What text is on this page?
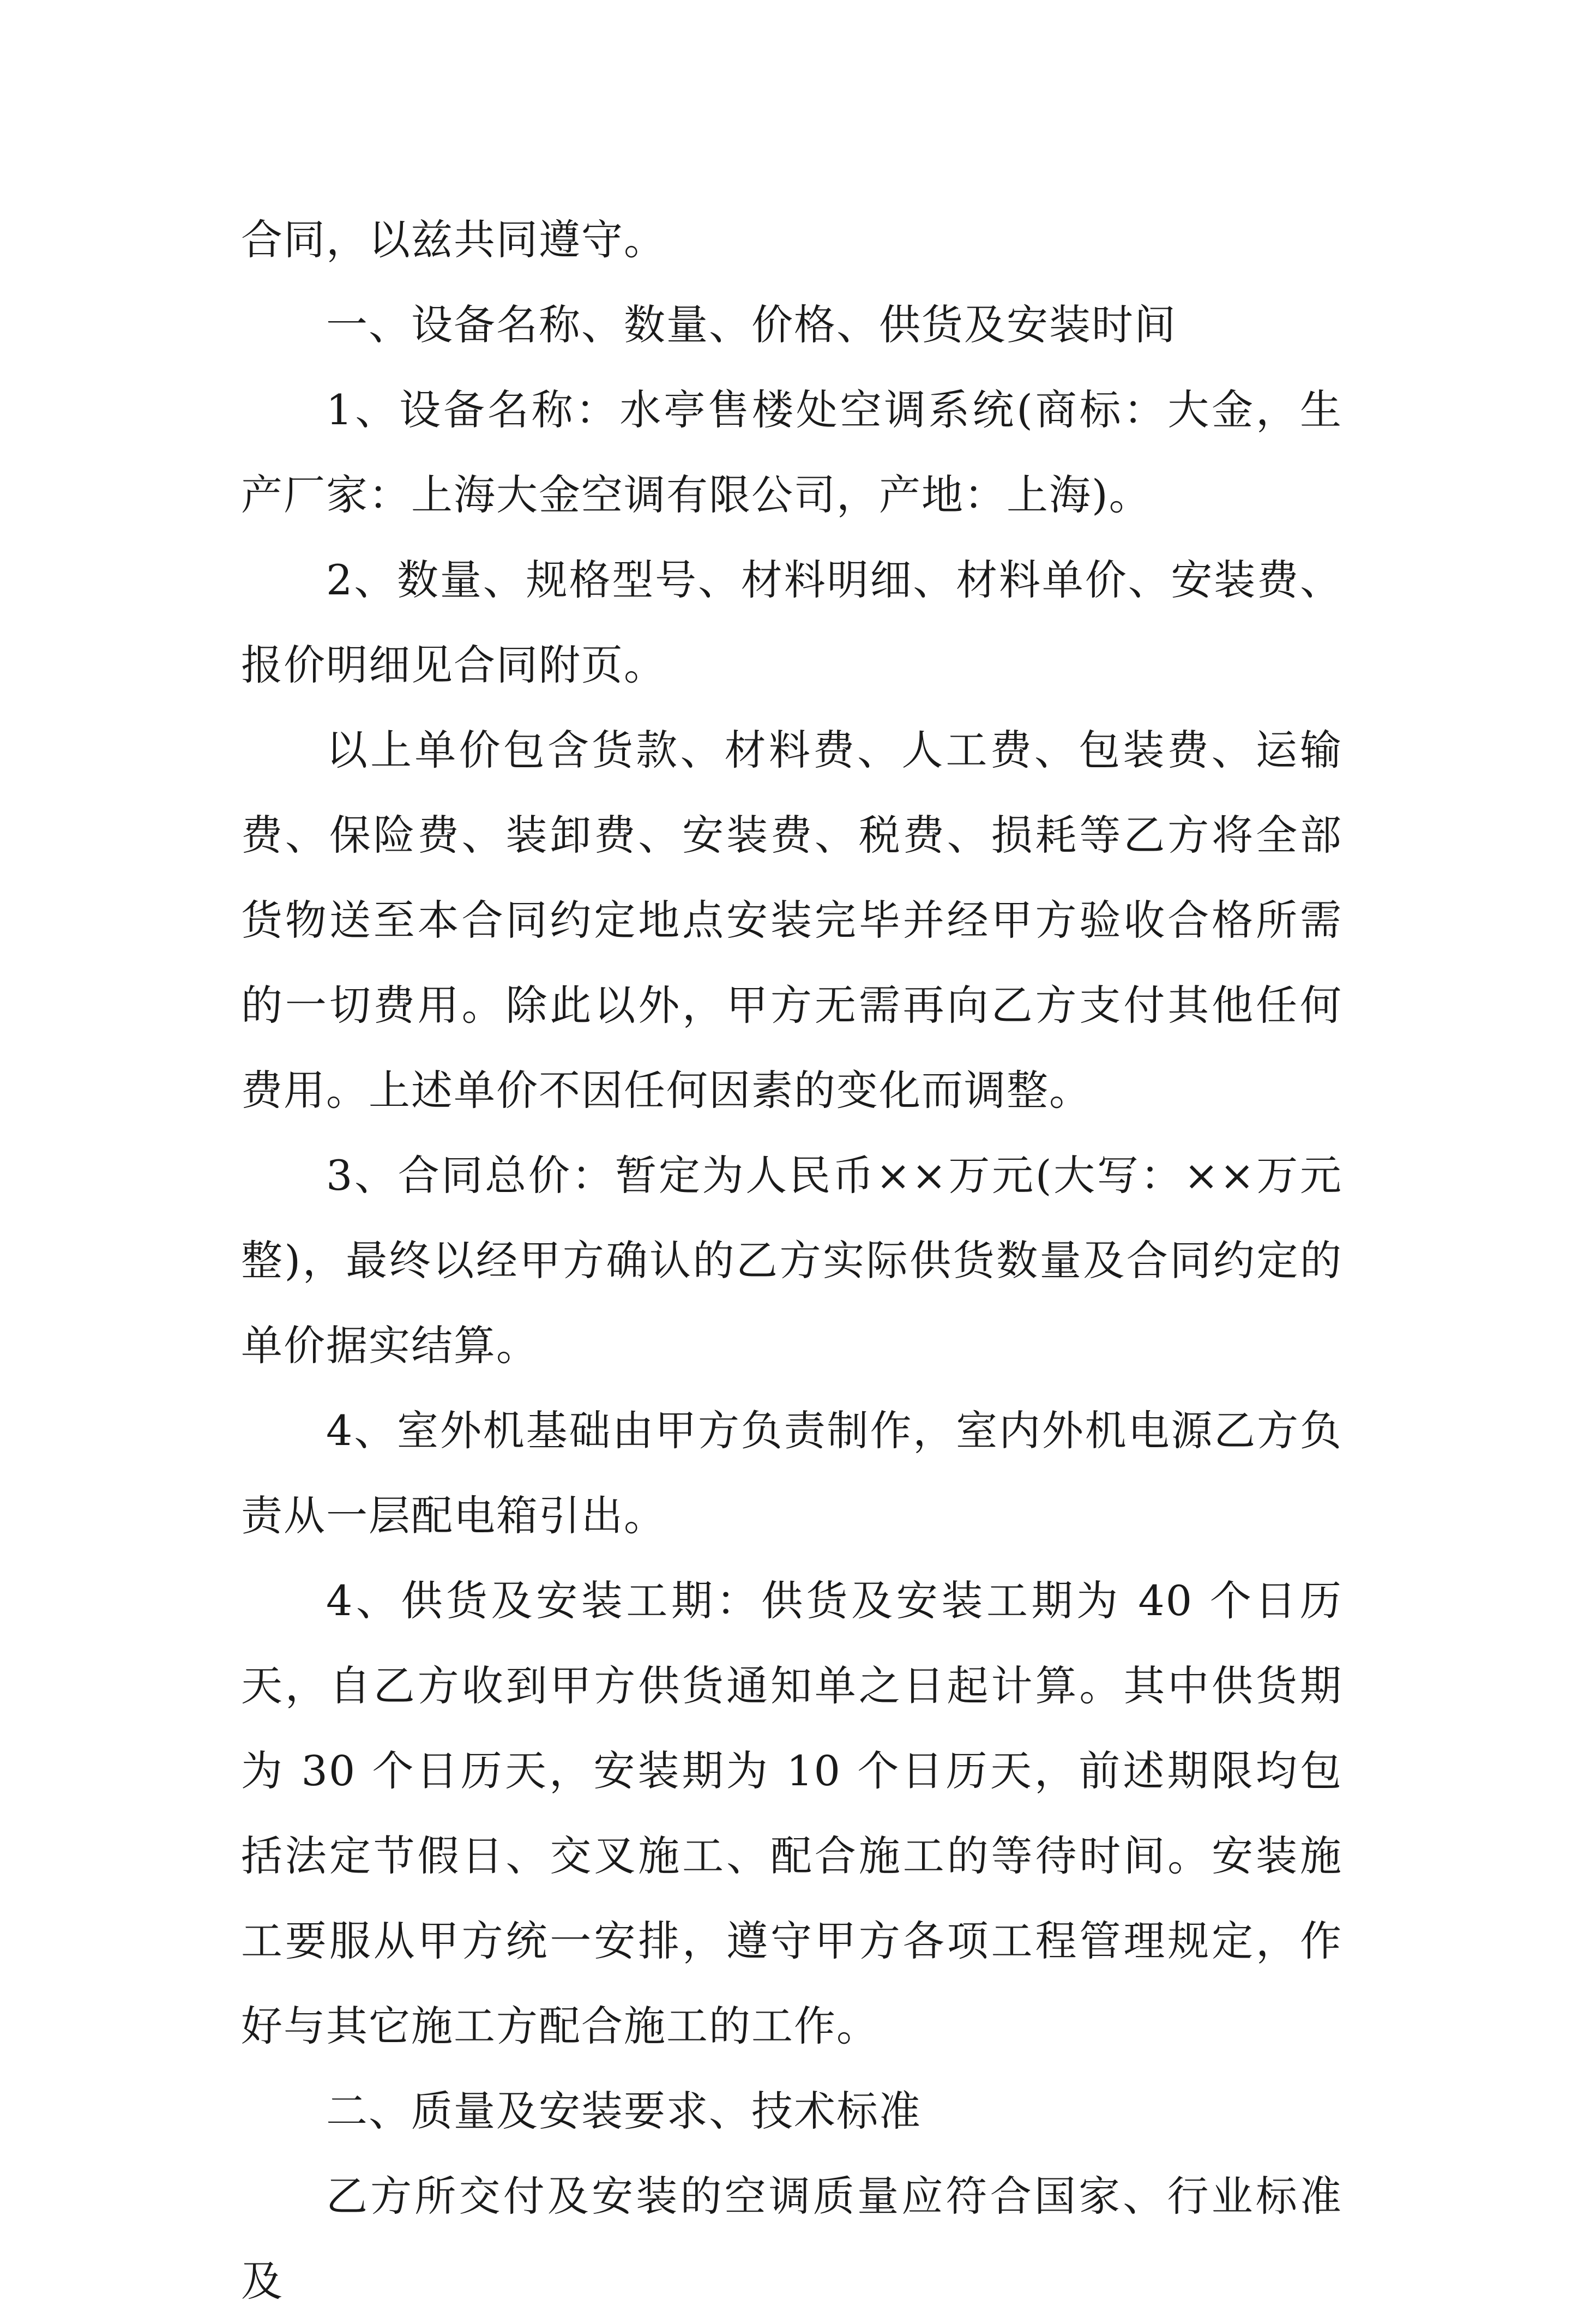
合同，以兹共同遵守。

一、设备名称、数量、价格、供货及安装时间

1、设备名称：水亭售楼处空调系统(商标：大金，生产厂家：上海大金空调有限公司，产地：上海)。

2、数量、规格型号、材料明细、材料单价、安装费、报价明细见合同附页。

以上单价包含货款、材料费、人工费、包装费、运输费、保险费、装卸费、安装费、税费、损耗等乙方将全部货物送至本合同约定地点安装完毕并经甲方验收合格所需的一切费用。除此以外，甲方无需再向乙方支付其他任何费用。上述单价不因任何因素的变化而调整。

3、合同总价：暂定为人民币××万元(大写：××万元整)，最终以经甲方确认的乙方实际供货数量及合同约定的单价据实结算。

4、室外机基础由甲方负责制作，室内外机电源乙方负责从一层配电箱引出。

4、供货及安装工期：供货及安装工期为 40 个日历天，自乙方收到甲方供货通知单之日起计算。其中供货期为 30 个日历天，安装期为 10 个日历天，前述期限均包括法定节假日、交叉施工、配合施工的等待时间。安装施工要服从甲方统一安排，遵守甲方各项工程管理规定，作好与其它施工方配合施工的工作。

二、质量及安装要求、技术标准

乙方所交付及安装的空调质量应符合国家、行业标准及
